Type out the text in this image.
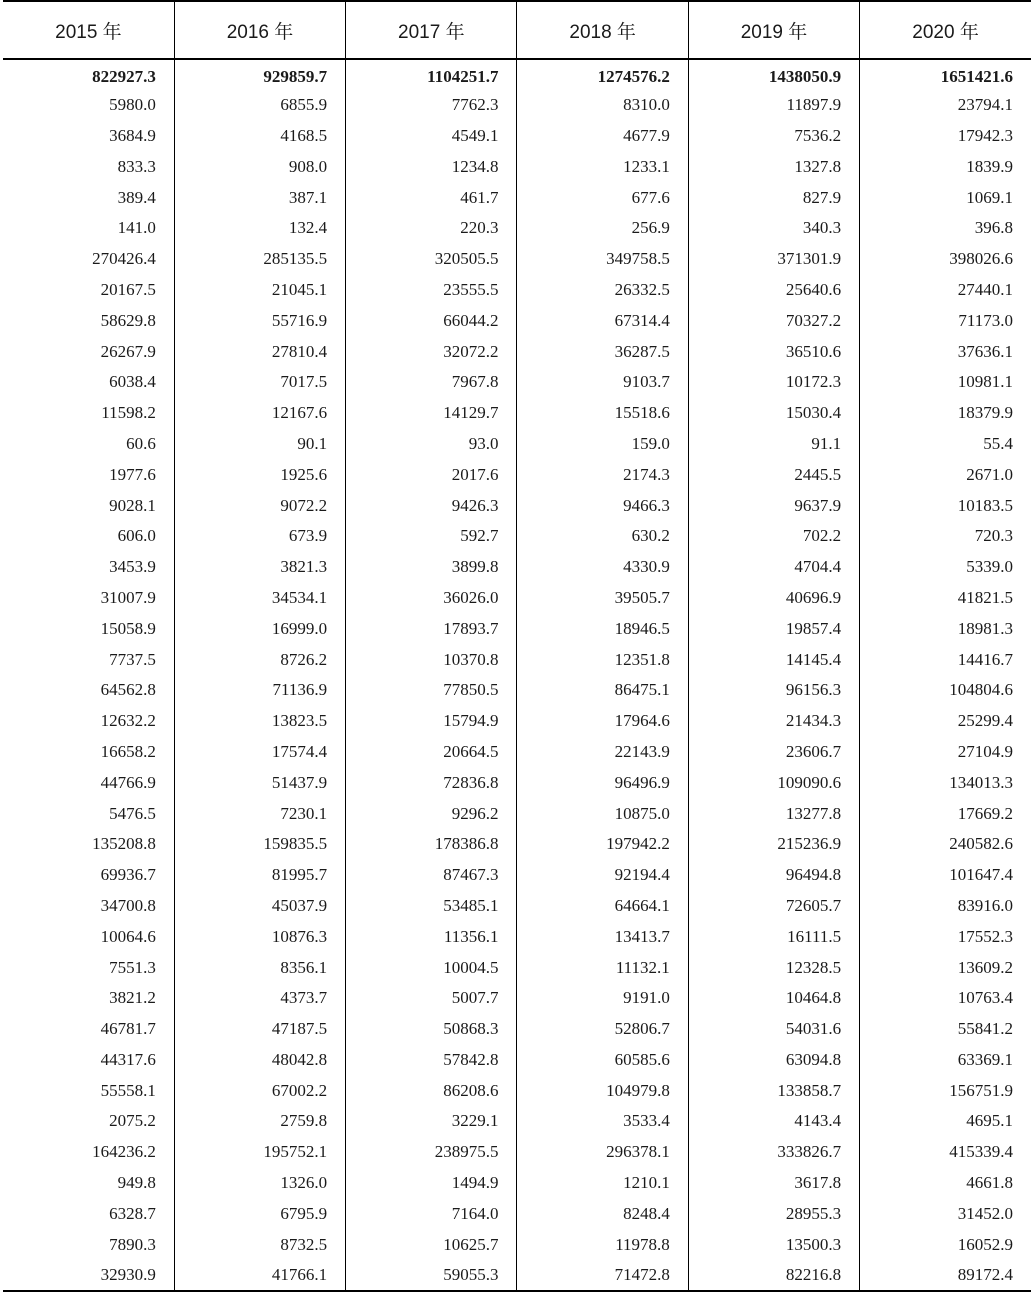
2015 年	2016 年	2017 年	2018 年	2019 年	2020 年
822927.3	929859.7	1104251.7	1274576.2	1438050.9	1651421.6
5980.0	6855.9	7762.3	8310.0	11897.9	23794.1
3684.9	4168.5	4549.1	4677.9	7536.2	17942.3
833.3	908.0	1234.8	1233.1	1327.8	1839.9
389.4	387.1	461.7	677.6	827.9	1069.1
141.0	132.4	220.3	256.9	340.3	396.8
270426.4	285135.5	320505.5	349758.5	371301.9	398026.6
20167.5	21045.1	23555.5	26332.5	25640.6	27440.1
58629.8	55716.9	66044.2	67314.4	70327.2	71173.0
26267.9	27810.4	32072.2	36287.5	36510.6	37636.1
6038.4	7017.5	7967.8	9103.7	10172.3	10981.1
11598.2	12167.6	14129.7	15518.6	15030.4	18379.9
60.6	90.1	93.0	159.0	91.1	55.4
1977.6	1925.6	2017.6	2174.3	2445.5	2671.0
9028.1	9072.2	9426.3	9466.3	9637.9	10183.5
606.0	673.9	592.7	630.2	702.2	720.3
3453.9	3821.3	3899.8	4330.9	4704.4	5339.0
31007.9	34534.1	36026.0	39505.7	40696.9	41821.5
15058.9	16999.0	17893.7	18946.5	19857.4	18981.3
7737.5	8726.2	10370.8	12351.8	14145.4	14416.7
64562.8	71136.9	77850.5	86475.1	96156.3	104804.6
12632.2	13823.5	15794.9	17964.6	21434.3	25299.4
16658.2	17574.4	20664.5	22143.9	23606.7	27104.9
44766.9	51437.9	72836.8	96496.9	109090.6	134013.3
5476.5	7230.1	9296.2	10875.0	13277.8	17669.2
135208.8	159835.5	178386.8	197942.2	215236.9	240582.6
69936.7	81995.7	87467.3	92194.4	96494.8	101647.4
34700.8	45037.9	53485.1	64664.1	72605.7	83916.0
10064.6	10876.3	11356.1	13413.7	16111.5	17552.3
7551.3	8356.1	10004.5	11132.1	12328.5	13609.2
3821.2	4373.7	5007.7	9191.0	10464.8	10763.4
46781.7	47187.5	50868.3	52806.7	54031.6	55841.2
44317.6	48042.8	57842.8	60585.6	63094.8	63369.1
55558.1	67002.2	86208.6	104979.8	133858.7	156751.9
2075.2	2759.8	3229.1	3533.4	4143.4	4695.1
164236.2	195752.1	238975.5	296378.1	333826.7	415339.4
949.8	1326.0	1494.9	1210.1	3617.8	4661.8
6328.7	6795.9	7164.0	8248.4	28955.3	31452.0
7890.3	8732.5	10625.7	11978.8	13500.3	16052.9
32930.9	41766.1	59055.3	71472.8	82216.8	89172.4
